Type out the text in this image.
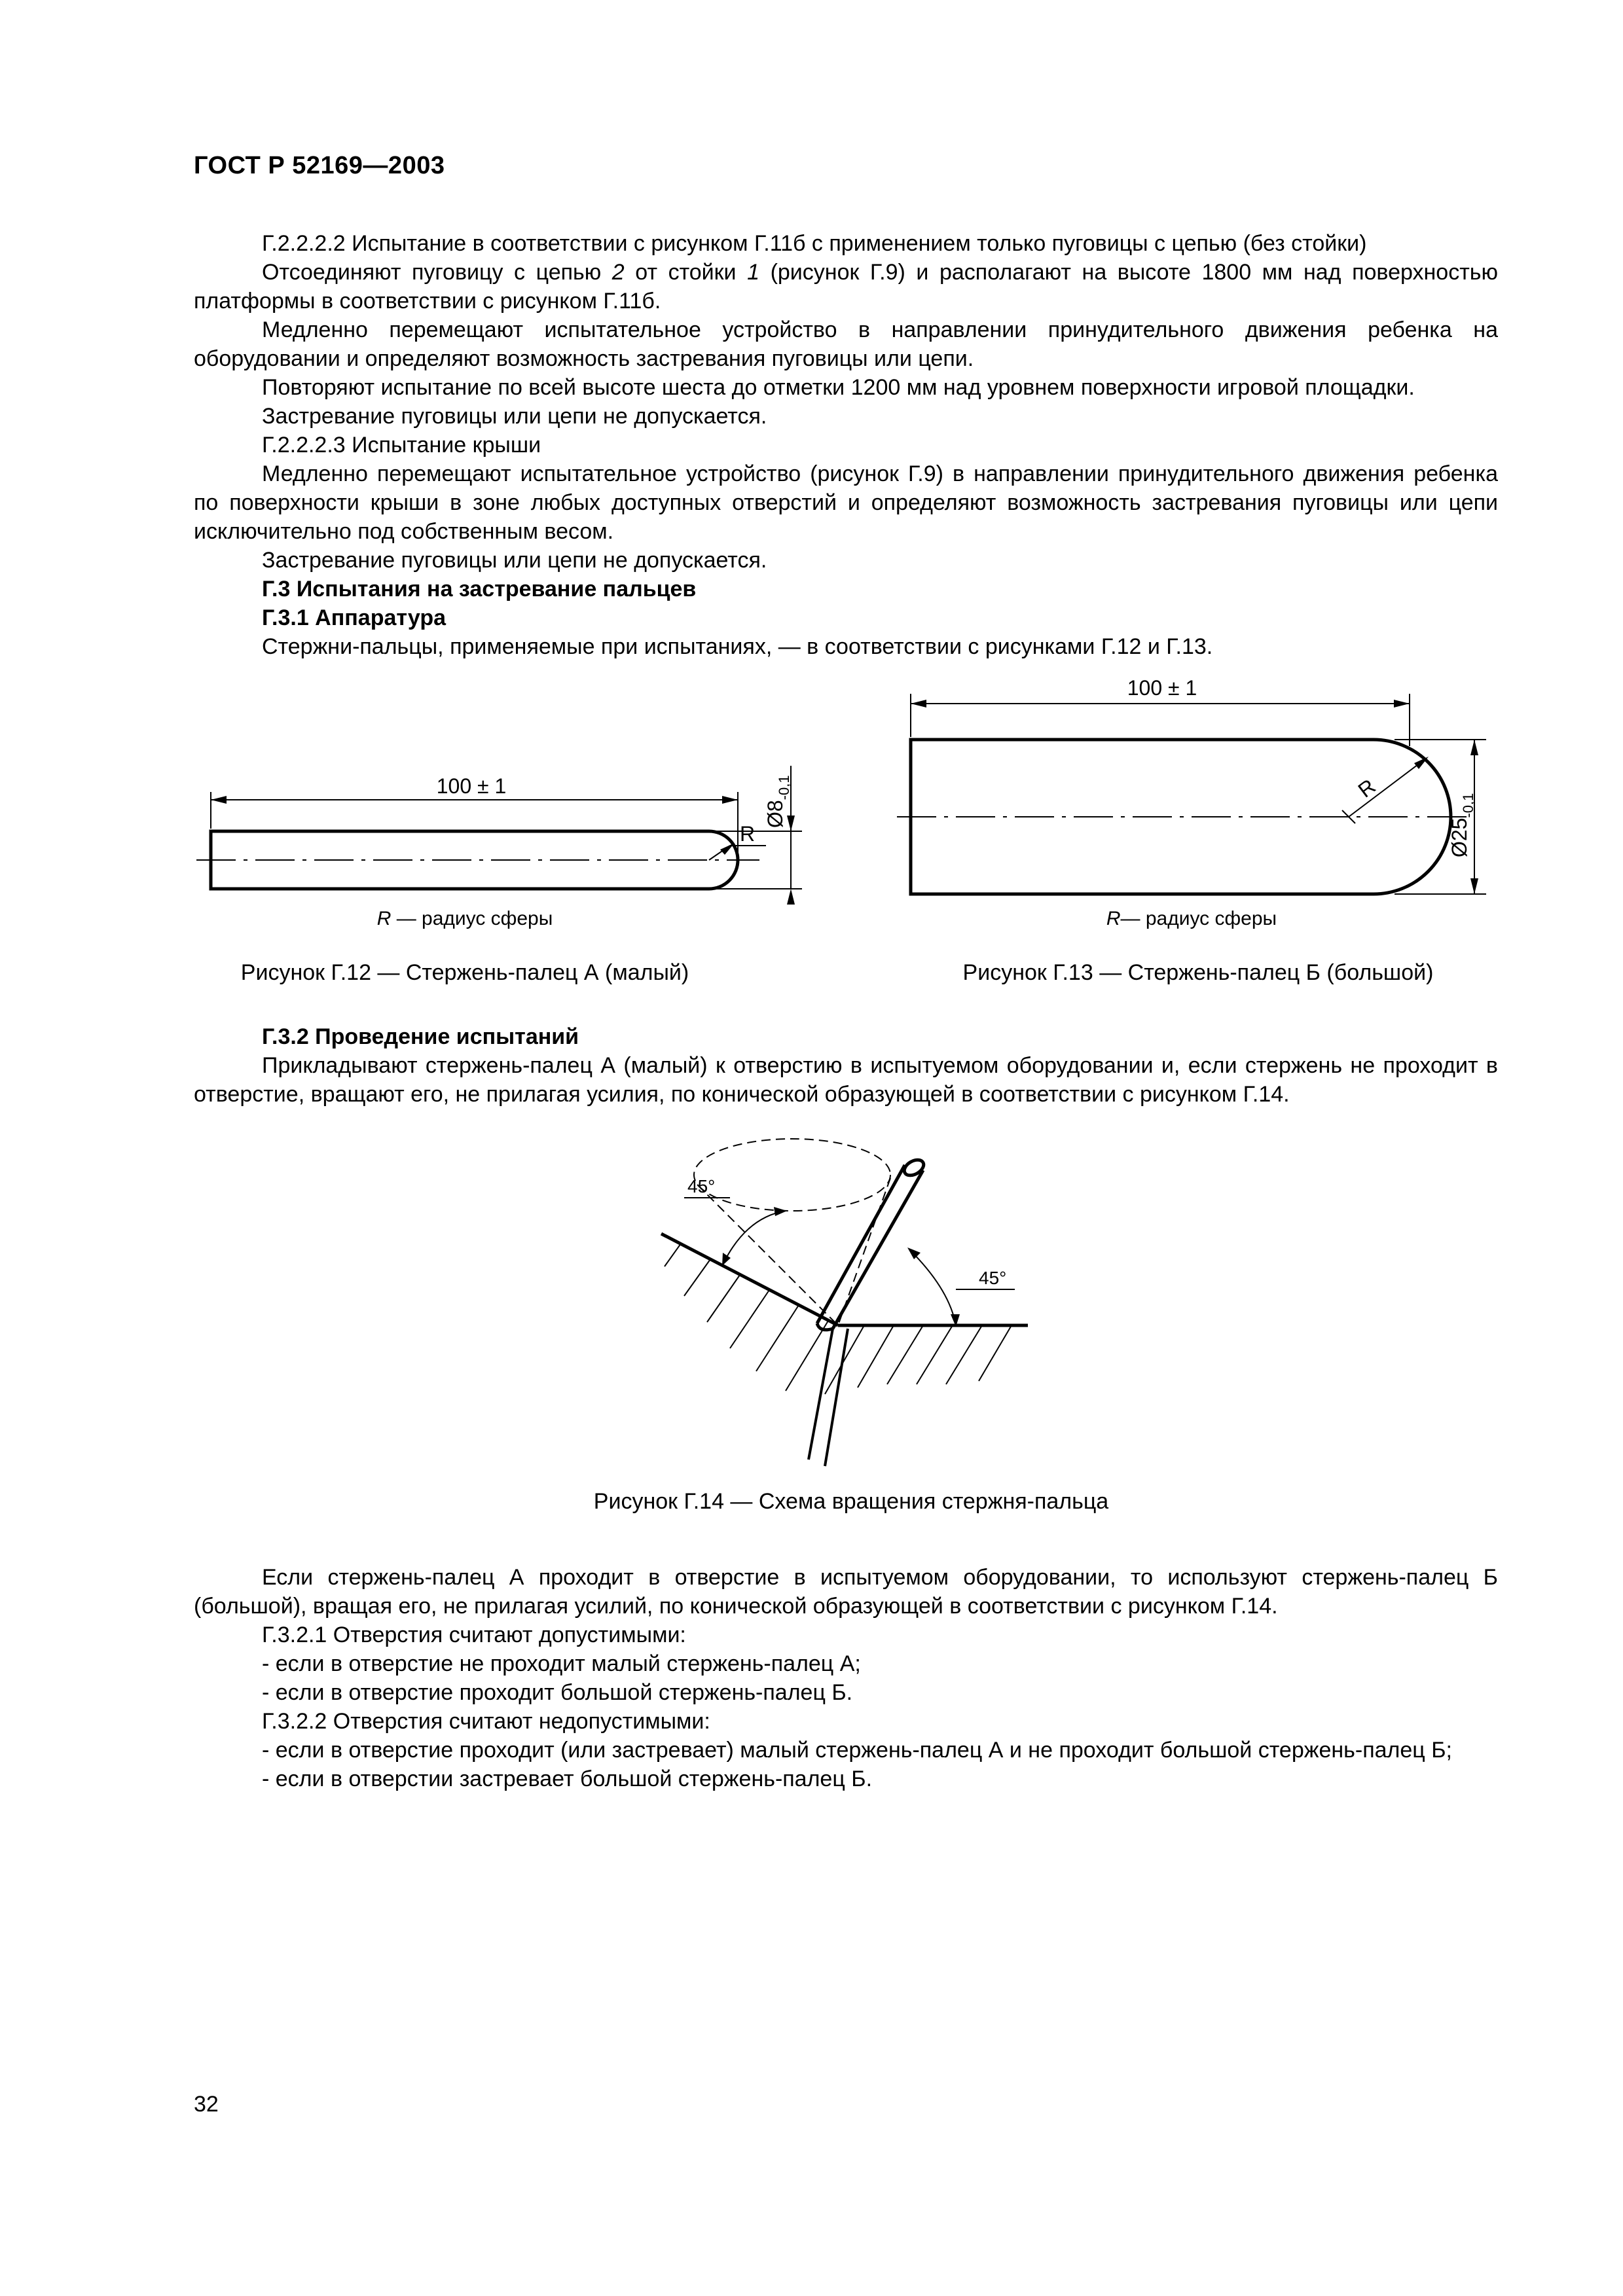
ГОСТ Р 52169—2003

Г.2.2.2.2 Испытание в соответствии с рисунком Г.11б с применением только пуговицы с цепью (без стойки)

Отсоединяют пуговицу с цепью 2 от стойки 1 (рисунок Г.9) и располагают на высоте 1800 мм над поверхностью платформы в соответствии с рисунком Г.11б.

Медленно перемещают испытательное устройство в направлении принудительного движения ребенка на оборудовании и определяют возможность застревания пуговицы или цепи.

Повторяют испытание по всей высоте шеста до отметки 1200 мм над уровнем поверхности игровой площадки.

Застревание пуговицы или цепи не допускается.

Г.2.2.2.3 Испытание крыши

Медленно перемещают испытательное устройство (рисунок Г.9) в направлении принудительного движения ребенка по поверхности крыши в зоне любых доступных отверстий и определяют возможность застревания пуговицы или цепи исключительно под собственным весом.

Застревание пуговицы или цепи не допускается.

Г.3 Испытания на застревание пальцев

Г.3.1 Аппаратура

Стержни-пальцы, применяемые при испытаниях, — в соответствии с рисунками Г.12 и Г.13.

100 ± 1
R
$Ø8_{-0,1}$
100 ± 1
R
$Ø25_{-0,1}$
R — радиус сферы
Рисунок Г.12 — Стержень-палец А (малый)
R— радиус сферы
Рисунок Г.13 — Стержень-палец Б (большой)

Г.3.2 Проведение испытаний

Прикладывают стержень-палец А (малый) к отверстию в испытуемом оборудовании и, если стержень не проходит в отверстие, вращают его, не прилагая усилия, по конической образующей в соответствии с рисунком Г.14.

45°
45°
Рисунок Г.14 — Схема вращения стержня-пальца

Если стержень-палец А проходит в отверстие в испытуемом оборудовании, то используют стержень-палец Б (большой), вращая его, не прилагая усилий, по конической образующей в соответствии с рисунком Г.14.

Г.3.2.1 Отверстия считают допустимыми:

- если в отверстие не проходит малый стержень-палец А;

- если в отверстие проходит большой стержень-палец Б.

Г.3.2.2 Отверстия считают недопустимыми:

- если в отверстие проходит (или застревает) малый стержень-палец А и не проходит большой стержень-палец Б;

- если в отверстии застревает большой стержень-палец Б.

32
